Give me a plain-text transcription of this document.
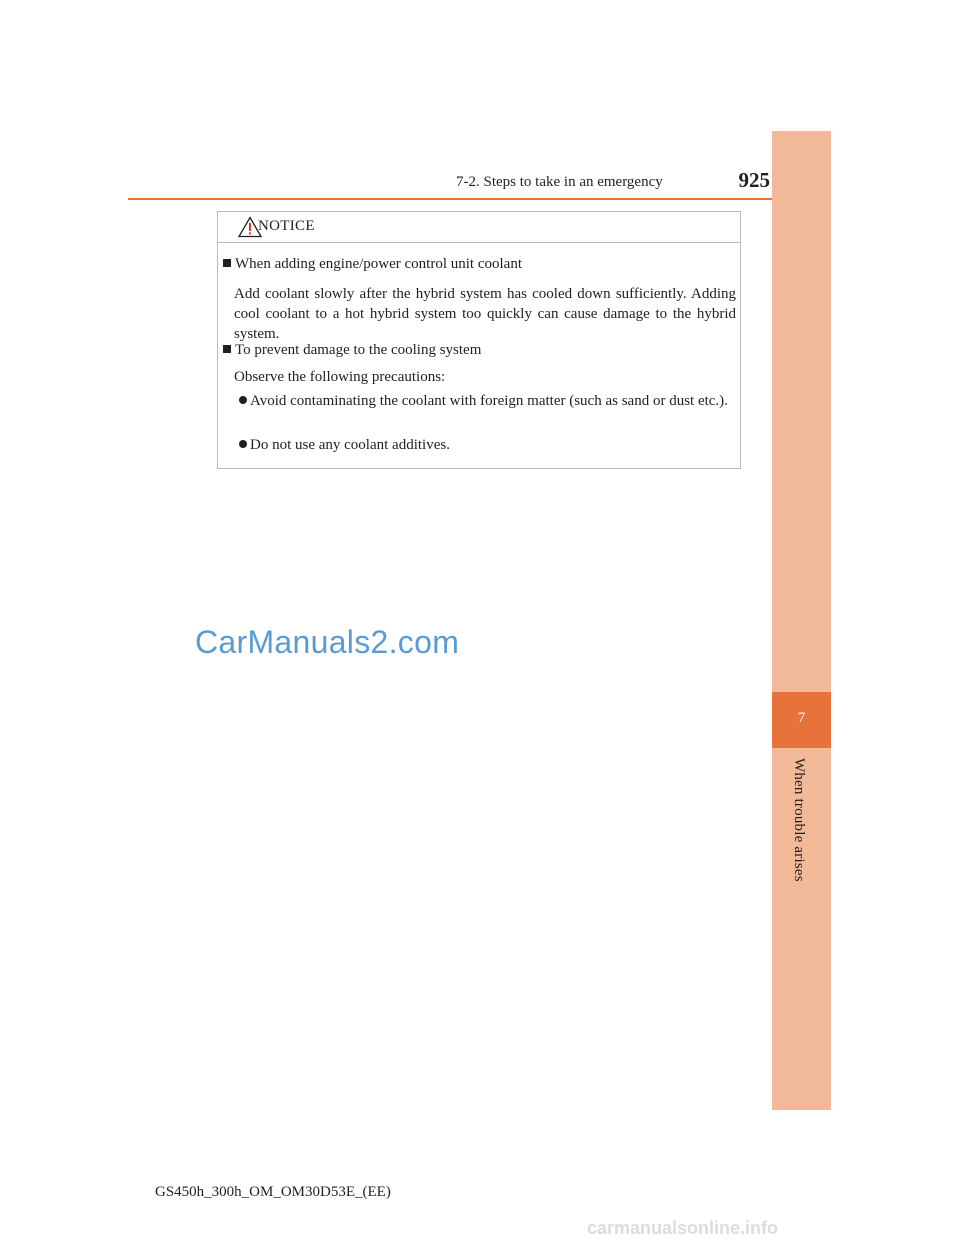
7-2. Steps to take in an emergency	925
7
When trouble arises
NOTICE
When adding engine/power control unit coolant
Add coolant slowly after the hybrid system has cooled down sufficiently. Adding cool coolant to a hot hybrid system too quickly can cause damage to the hybrid system.
To prevent damage to the cooling system
Observe the following precautions:
Avoid contaminating the coolant with foreign matter (such as sand or dust etc.).
Do not use any coolant additives.
CarManuals2.com
GS450h_300h_OM_OM30D53E_(EE)
carmanualsonline.info
